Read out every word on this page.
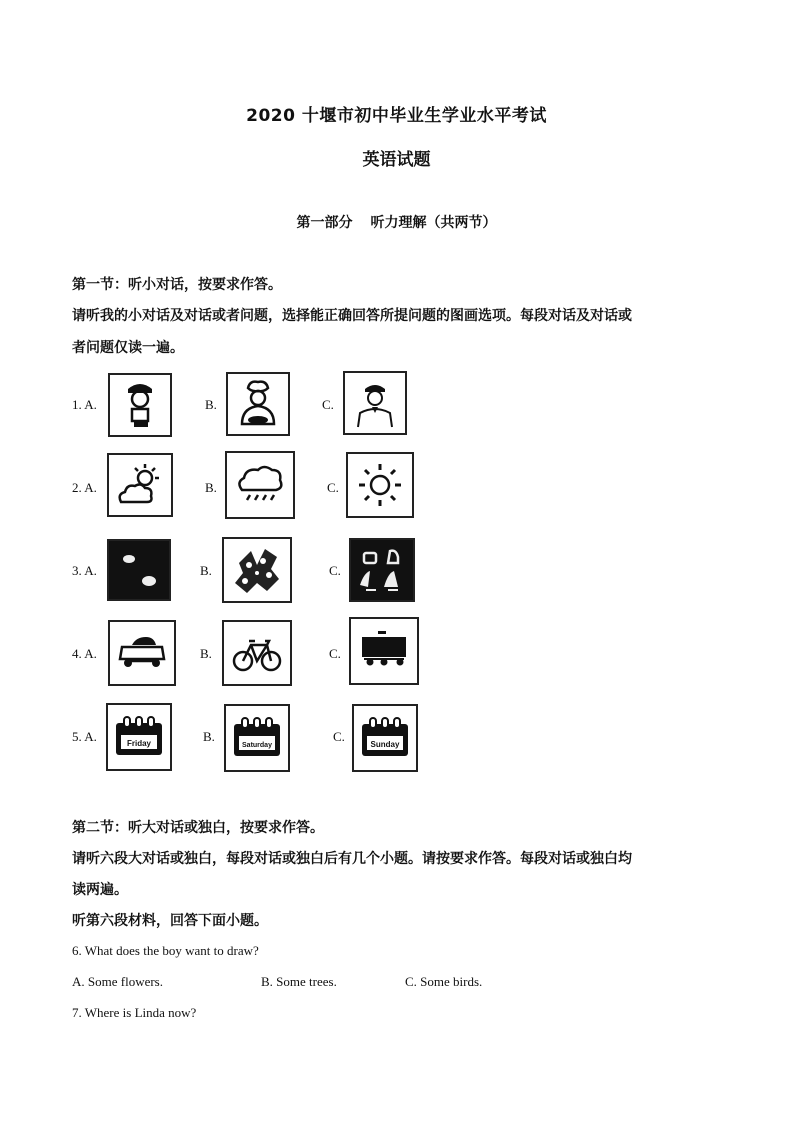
2020 十堰市初中毕业生学业水平考试
英语试题
第一部分 听力理解（共两节）
第一节：听小对话，按要求作答。
请听我的小对话及对话或者问题，选择能正确回答所提问题的图画选项。每段对话及对话或
者问题仅读一遍。
1. A.	B.	C.
2. A.	B.	C.
3. A.	B.	C.
4. A.	B.	C.
5. A.	Friday	B.
Saturday
C.
Sunday
第二节：听大对话或独白，按要求作答。
请听六段大对话或独白，每段对话或独白后有几个小题。请按要求作答。每段对话或独白均
读两遍。
听第六段材料，回答下面小题。
6. What does the boy want to draw?
A. Some flowers.	B. Some trees.	C. Some birds.
7. Where is Linda now?
